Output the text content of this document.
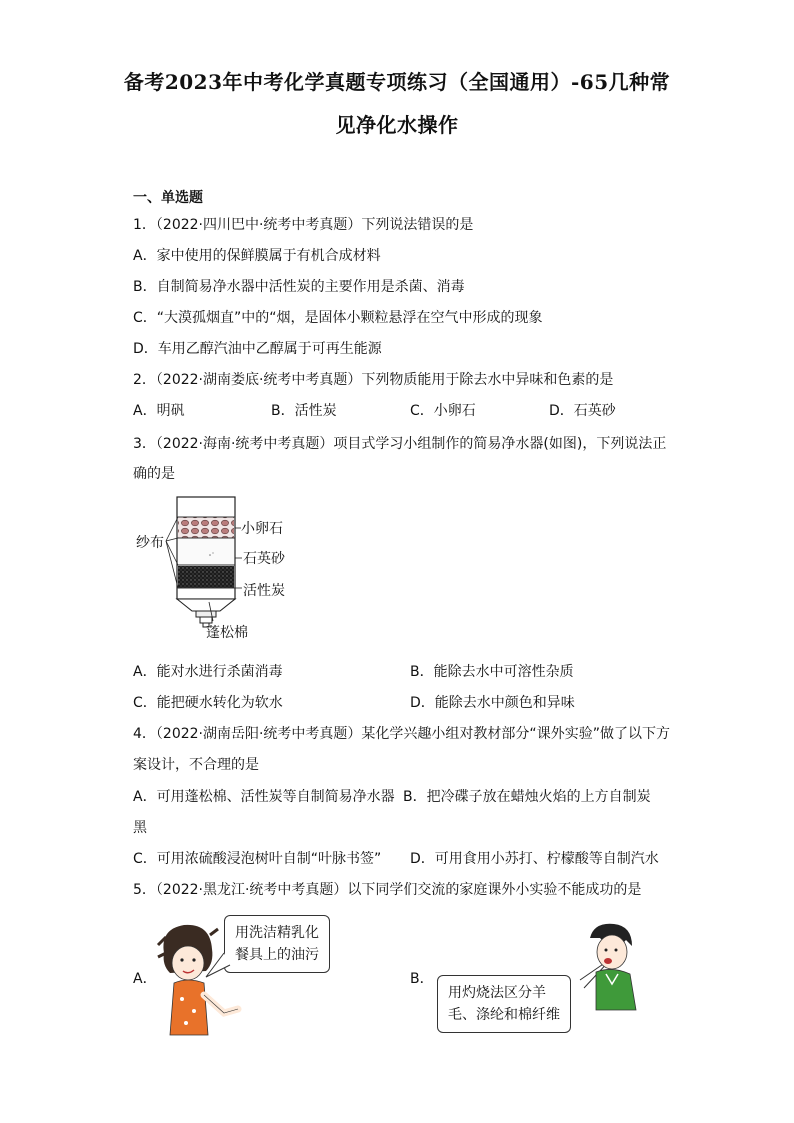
备考2023年中考化学真题专项练习（全国通用）-65几种常
见净化水操作
一、单选题
1．（2022·四川巴中·统考中考真题）下列说法错误的是
A．家中使用的保鲜膜属于有机合成材料
B．自制简易净水器中活性炭的主要作用是杀菌、消毒
C．“大漠孤烟直”中的“烟，是固体小颗粒悬浮在空气中形成的现象
D．车用乙醇汽油中乙醇属于可再生能源
2．（2022·湖南娄底·统考中考真题）下列物质能用于除去水中异味和色素的是
A．明矾	B．活性炭	C．小卵石	D．石英砂
3．（2022·海南·统考中考真题）项目式学习小组制作的简易净水器(如图)，下列说法正
确的是
纱布
小卵石
石英砂
活性炭
蓬松棉
A．能对水进行杀菌消毒	B．能除去水中可溶性杂质
C．能把硬水转化为软水	D．能除去水中颜色和异味
4．（2022·湖南岳阳·统考中考真题）某化学兴趣小组对教材部分“课外实验”做了以下方
案设计，不合理的是
A．可用蓬松棉、活性炭等自制简易净水器 B．把冷碟子放在蜡烛火焰的上方自制炭
黑
C．可用浓硫酸浸泡树叶自制“叶脉书签” D．可用食用小苏打、柠檬酸等自制汽水
5．（2022·黑龙江·统考中考真题）以下同学们交流的家庭课外小实验不能成功的是
A．
用洗洁精乳化
餐具上的油污
B．
用灼烧法区分羊
毛、涤纶和棉纤维
